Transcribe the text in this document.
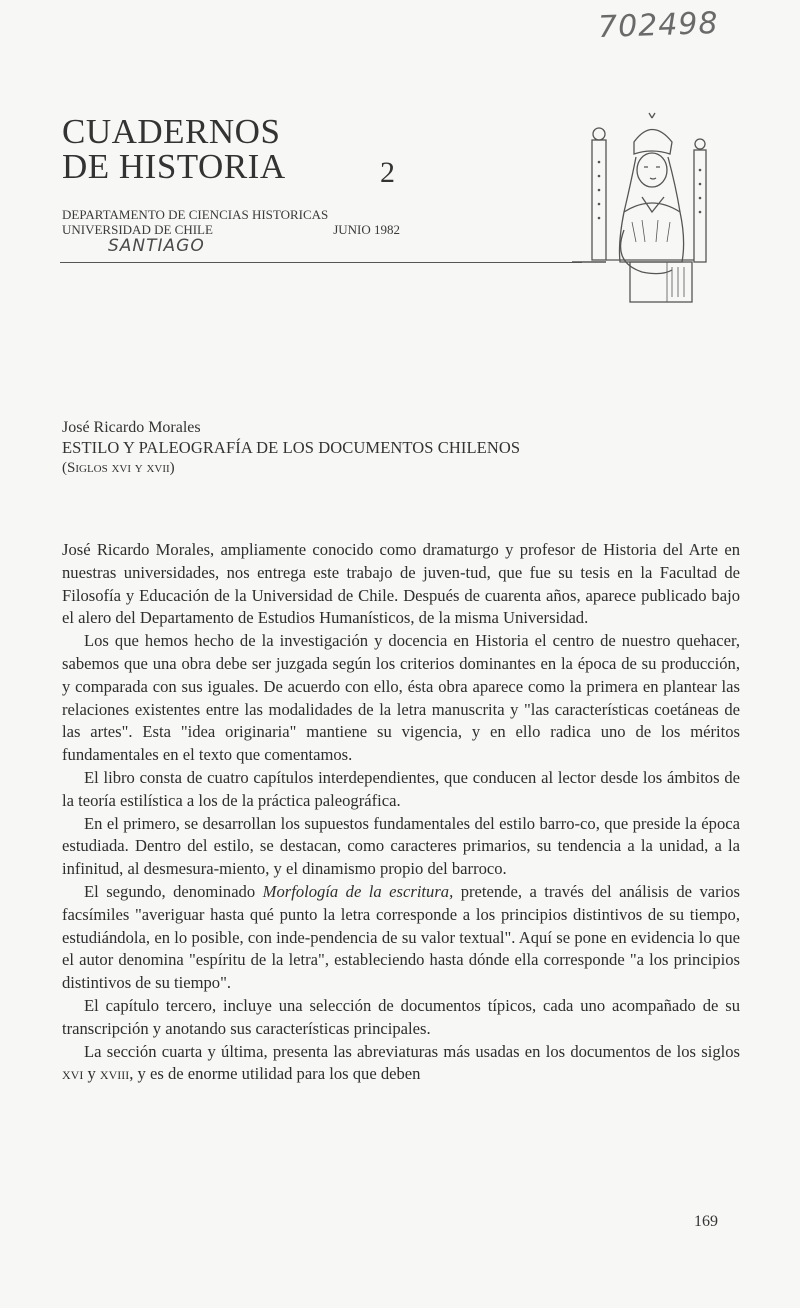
702498

CUADERNOS

DE HISTORIA	2
DEPARTAMENTO DE CIENCIAS HISTORICAS
UNIVERSIDAD DE CHILE	JUNIO 1982
SANTIAGO
José Ricardo Morales
ESTILO Y PALEOGRAFÍA DE LOS DOCUMENTOS CHILENOS
(Siglos xvi y xvii)

José Ricardo Morales, ampliamente conocido como dramaturgo y profesor de Historia del Arte en nuestras universidades, nos entrega este trabajo de juven-tud, que fue su tesis en la Facultad de Filosofía y Educación de la Universidad de Chile. Después de cuarenta años, aparece publicado bajo el alero del Departamento de Estudios Humanísticos, de la misma Universidad.

Los que hemos hecho de la investigación y docencia en Historia el centro de nuestro quehacer, sabemos que una obra debe ser juzgada según los criterios dominantes en la época de su producción, y comparada con sus iguales. De acuerdo con ello, ésta obra aparece como la primera en plantear las relaciones existentes entre las modalidades de la letra manuscrita y "las características coetáneas de las artes". Esta "idea originaria" mantiene su vigencia, y en ello radica uno de los méritos fundamentales en el texto que comentamos.

El libro consta de cuatro capítulos interdependientes, que conducen al lector desde los ámbitos de la teoría estilística a los de la práctica paleográfica.

En el primero, se desarrollan los supuestos fundamentales del estilo barro-co, que preside la época estudiada. Dentro del estilo, se destacan, como caracteres primarios, su tendencia a la unidad, a la infinitud, al desmesura-miento, y el dinamismo propio del barroco.

El segundo, denominado Morfología de la escritura, pretende, a través del análisis de varios facsímiles "averiguar hasta qué punto la letra corresponde a los principios distintivos de su tiempo, estudiándola, en lo posible, con inde-pendencia de su valor textual". Aquí se pone en evidencia lo que el autor denomina "espíritu de la letra", estableciendo hasta dónde ella corresponde "a los principios distintivos de su tiempo".

El capítulo tercero, incluye una selección de documentos típicos, cada uno acompañado de su transcripción y anotando sus características principales.

La sección cuarta y última, presenta las abreviaturas más usadas en los documentos de los siglos xvi y xviii, y es de enorme utilidad para los que deben

169
